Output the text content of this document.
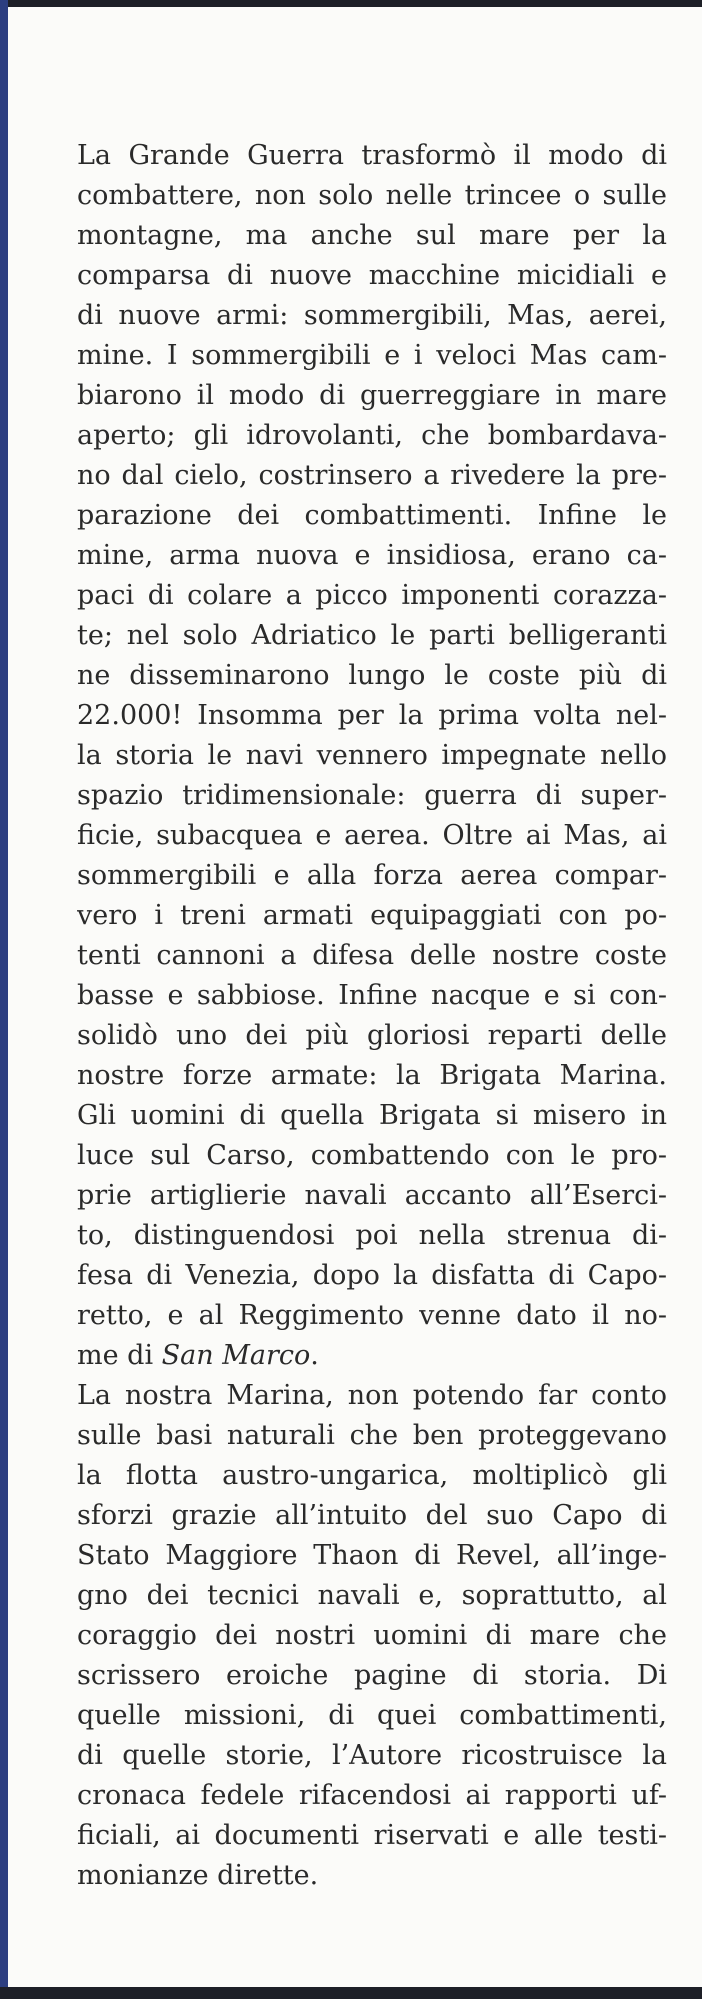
La Grande Guerra trasformò il modo di
combattere, non solo nelle trincee o sulle
montagne, ma anche sul mare per la
comparsa di nuove macchine micidiali e
di nuove armi: sommergibili, Mas, aerei,
mine. I sommergibili e i veloci Mas cam-
biarono il modo di guerreggiare in mare
aperto; gli idrovolanti, che bombardava-
no dal cielo, costrinsero a rivedere la pre-
parazione dei combattimenti. Infine le
mine, arma nuova e insidiosa, erano ca-
paci di colare a picco imponenti corazza-
te; nel solo Adriatico le parti belligeranti
ne disseminarono lungo le coste più di
22.000! Insomma per la prima volta nel-
la storia le navi vennero impegnate nello
spazio tridimensionale: guerra di super-
ficie, subacquea e aerea. Oltre ai Mas, ai
sommergibili e alla forza aerea compar-
vero i treni armati equipaggiati con po-
tenti cannoni a difesa delle nostre coste
basse e sabbiose. Infine nacque e si con-
solidò uno dei più gloriosi reparti delle
nostre forze armate: la Brigata Marina.
Gli uomini di quella Brigata si misero in
luce sul Carso, combattendo con le pro-
prie artiglierie navali accanto all’Eserci-
to, distinguendosi poi nella strenua di-
fesa di Venezia, dopo la disfatta di Capo-
retto, e al Reggimento venne dato il no-
me di San Marco.
La nostra Marina, non potendo far conto
sulle basi naturali che ben proteggevano
la flotta austro-ungarica, moltiplicò gli
sforzi grazie all’intuito del suo Capo di
Stato Maggiore Thaon di Revel, all’inge-
gno dei tecnici navali e, soprattutto, al
coraggio dei nostri uomini di mare che
scrissero eroiche pagine di storia. Di
quelle missioni, di quei combattimenti,
di quelle storie, l’Autore ricostruisce la
cronaca fedele rifacendosi ai rapporti uf-
ficiali, ai documenti riservati e alle testi-
monianze dirette.
